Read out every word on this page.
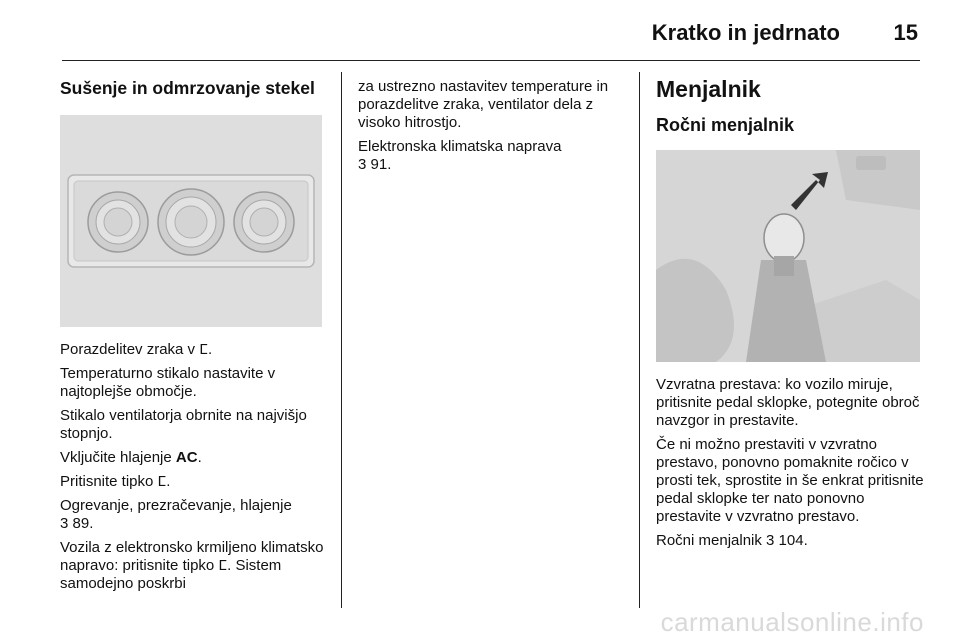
Kratko in jedrnato 15
Sušenje in odmrzovanje stekel

Porazdelitev zraka v ⵎ.

Temperaturno stikalo nastavite v najtoplejše območje.

Stikalo ventilatorja obrnite na najvišjo stopnjo.

Vključite hlajenje AC.

Pritisnite tipko ⵎ.

Ogrevanje, prezračevanje, hlajenje
3 89.

Vozila z elektronsko krmiljeno klimatsko napravo: pritisnite tipko ⵎ. Sistem samodejno poskrbi

za ustrezno nastavitev temperature in porazdelitve zraka, ventilator dela z visoko hitrostjo.

Elektronska klimatska naprava
3 91.

Menjalnik
Ročni menjalnik

Vzvratna prestava: ko vozilo miruje, pritisnite pedal sklopke, potegnite obroč navzgor in prestavite.

Če ni možno prestaviti v vzvratno prestavo, ponovno pomaknite ročico v prosti tek, sprostite in še enkrat pritisnite pedal sklopke ter nato ponovno prestavite v vzvratno prestavo.

Ročni menjalnik 3 104.

carmanualsonline.info
